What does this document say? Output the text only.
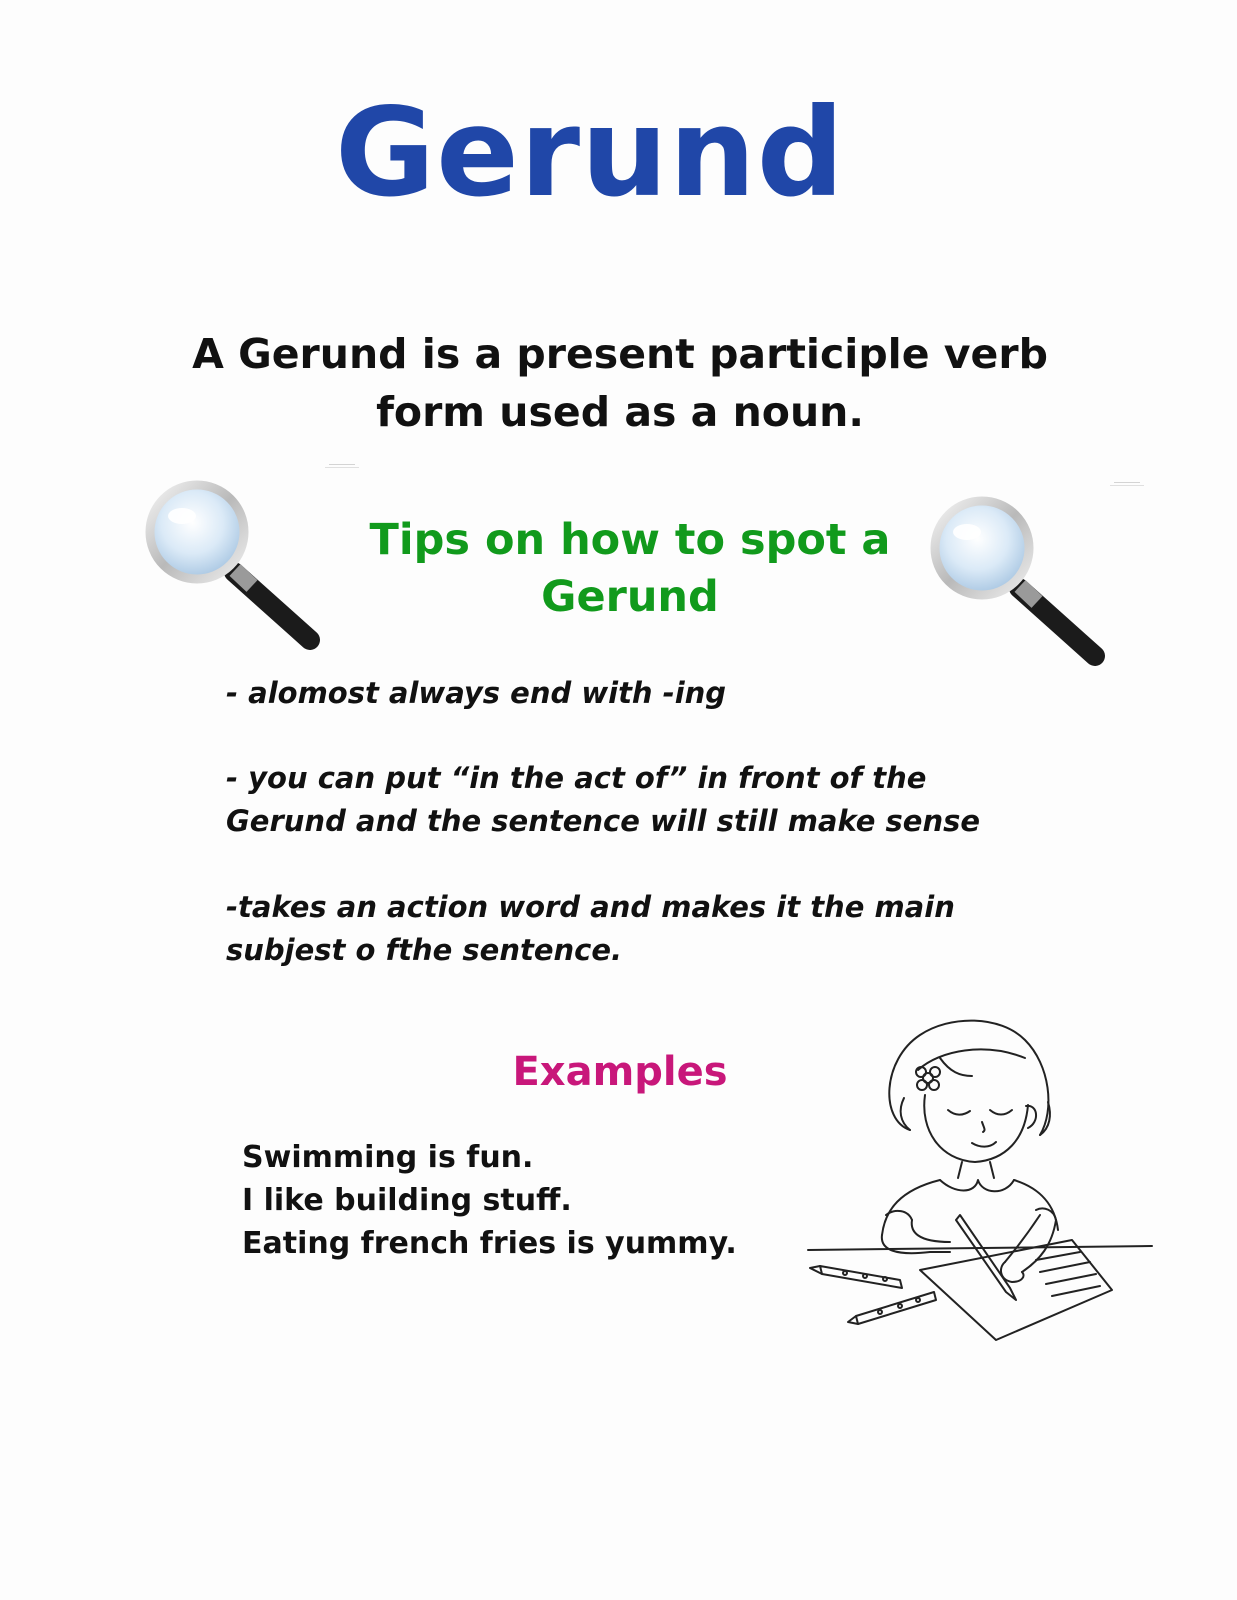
Gerund
A Gerund is a present participle verb
form used as a noun.
Tips on how to spot a
Gerund
- alomost always end with -ing
- you can put “in the act of” in front of the
Gerund and the sentence will still make sense
-takes an action word and makes it the main
subjest o fthe sentence.
Examples
Swimming is fun.
I like building stuff.
Eating french fries is yummy.
